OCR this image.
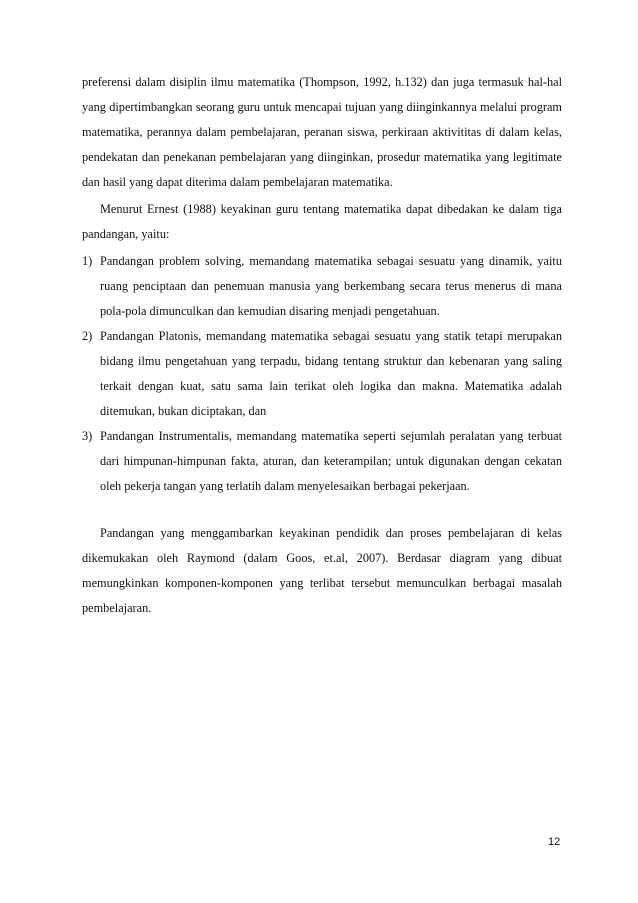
preferensi dalam disiplin ilmu matematika (Thompson, 1992, h.132) dan juga termasuk hal-hal yang dipertimbangkan seorang guru untuk mencapai tujuan yang diinginkannya melalui program matematika, perannya dalam pembelajaran, peranan siswa, perkiraan aktivititas di dalam kelas, pendekatan dan penekanan pembelajaran yang diinginkan, prosedur matematika yang legitimate dan hasil yang dapat diterima dalam pembelajaran matematika.

Menurut Ernest (1988) keyakinan guru tentang matematika dapat dibedakan ke dalam tiga pandangan, yaitu:

1) Pandangan problem solving, memandang matematika sebagai sesuatu yang dinamik, yaitu ruang penciptaan dan penemuan manusia yang berkembang secara terus menerus di mana pola-pola dimunculkan dan kemudian disaring menjadi pengetahuan.
2) Pandangan Platonis, memandang matematika sebagai sesuatu yang statik tetapi merupakan bidang ilmu pengetahuan yang terpadu, bidang tentang struktur dan kebenaran yang saling terkait dengan kuat, satu sama lain terikat oleh logika dan makna. Matematika adalah ditemukan, bukan diciptakan, dan
3) Pandangan Instrumentalis, memandang matematika seperti sejumlah peralatan yang terbuat dari himpunan-himpunan fakta, aturan, dan keterampilan; untuk digunakan dengan cekatan oleh pekerja tangan yang terlatih dalam menyelesaikan berbagai pekerjaan.

Pandangan yang menggambarkan keyakinan pendidik dan proses pembelajaran di kelas dikemukakan oleh Raymond (dalam Goos, et.al, 2007). Berdasar diagram yang dibuat memungkinkan komponen-komponen yang terlibat tersebut memunculkan berbagai masalah pembelajaran.

12
